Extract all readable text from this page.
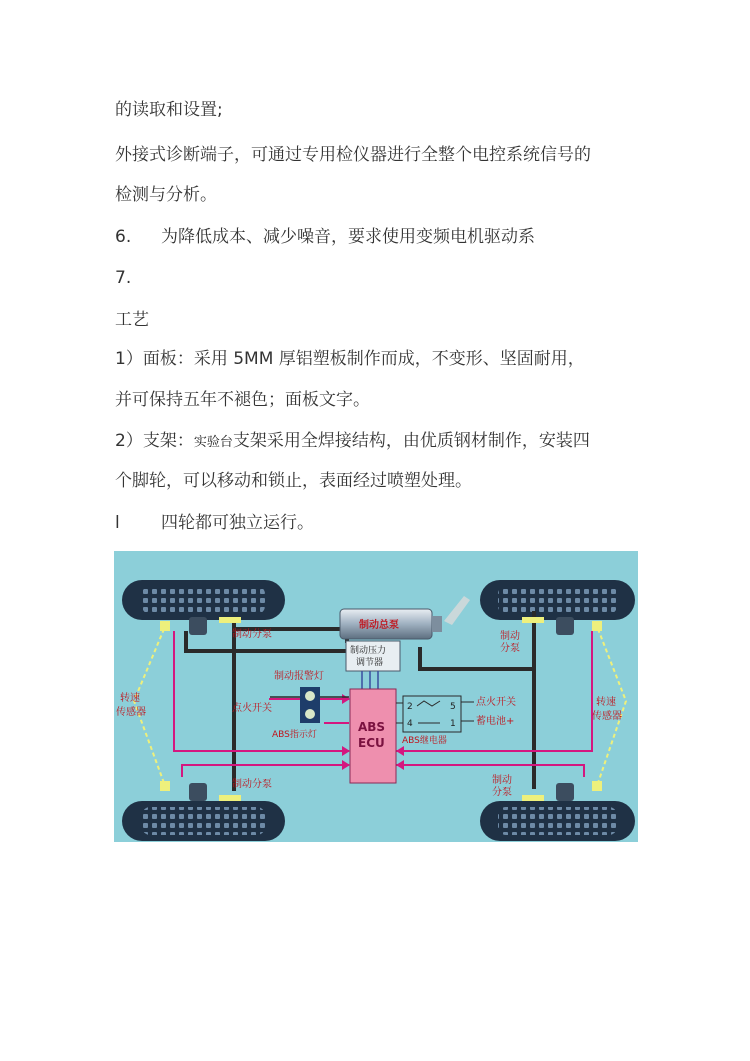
的读取和设置;
外接式诊断端子，可通过专用检仪器进行全整个电控系统信号的
检测与分析。
6. 为降低成本、减少噪音，要求使用变频电机驱动系
7.
工艺
1）面板：采用 5MM 厚铝塑板制作而成，不变形、坚固耐用，
并可保持五年不褪色；面板文字。
2）支架：实验台支架采用全焊接结构，由优质钢材制作，安装四
个脚轮，可以移动和锁止，表面经过喷塑处理。
l 四轮都可独立运行。
制动总泵
制动压力
调节器
制动报警灯
点火开关
ABS指示灯
ABS
ECU
2	5
4	1
ABS继电器
点火开关
蓄电池+
制动分泵	制动
分泵
制动分泵	制动
分泵
转速
传感器
转速
传感器
